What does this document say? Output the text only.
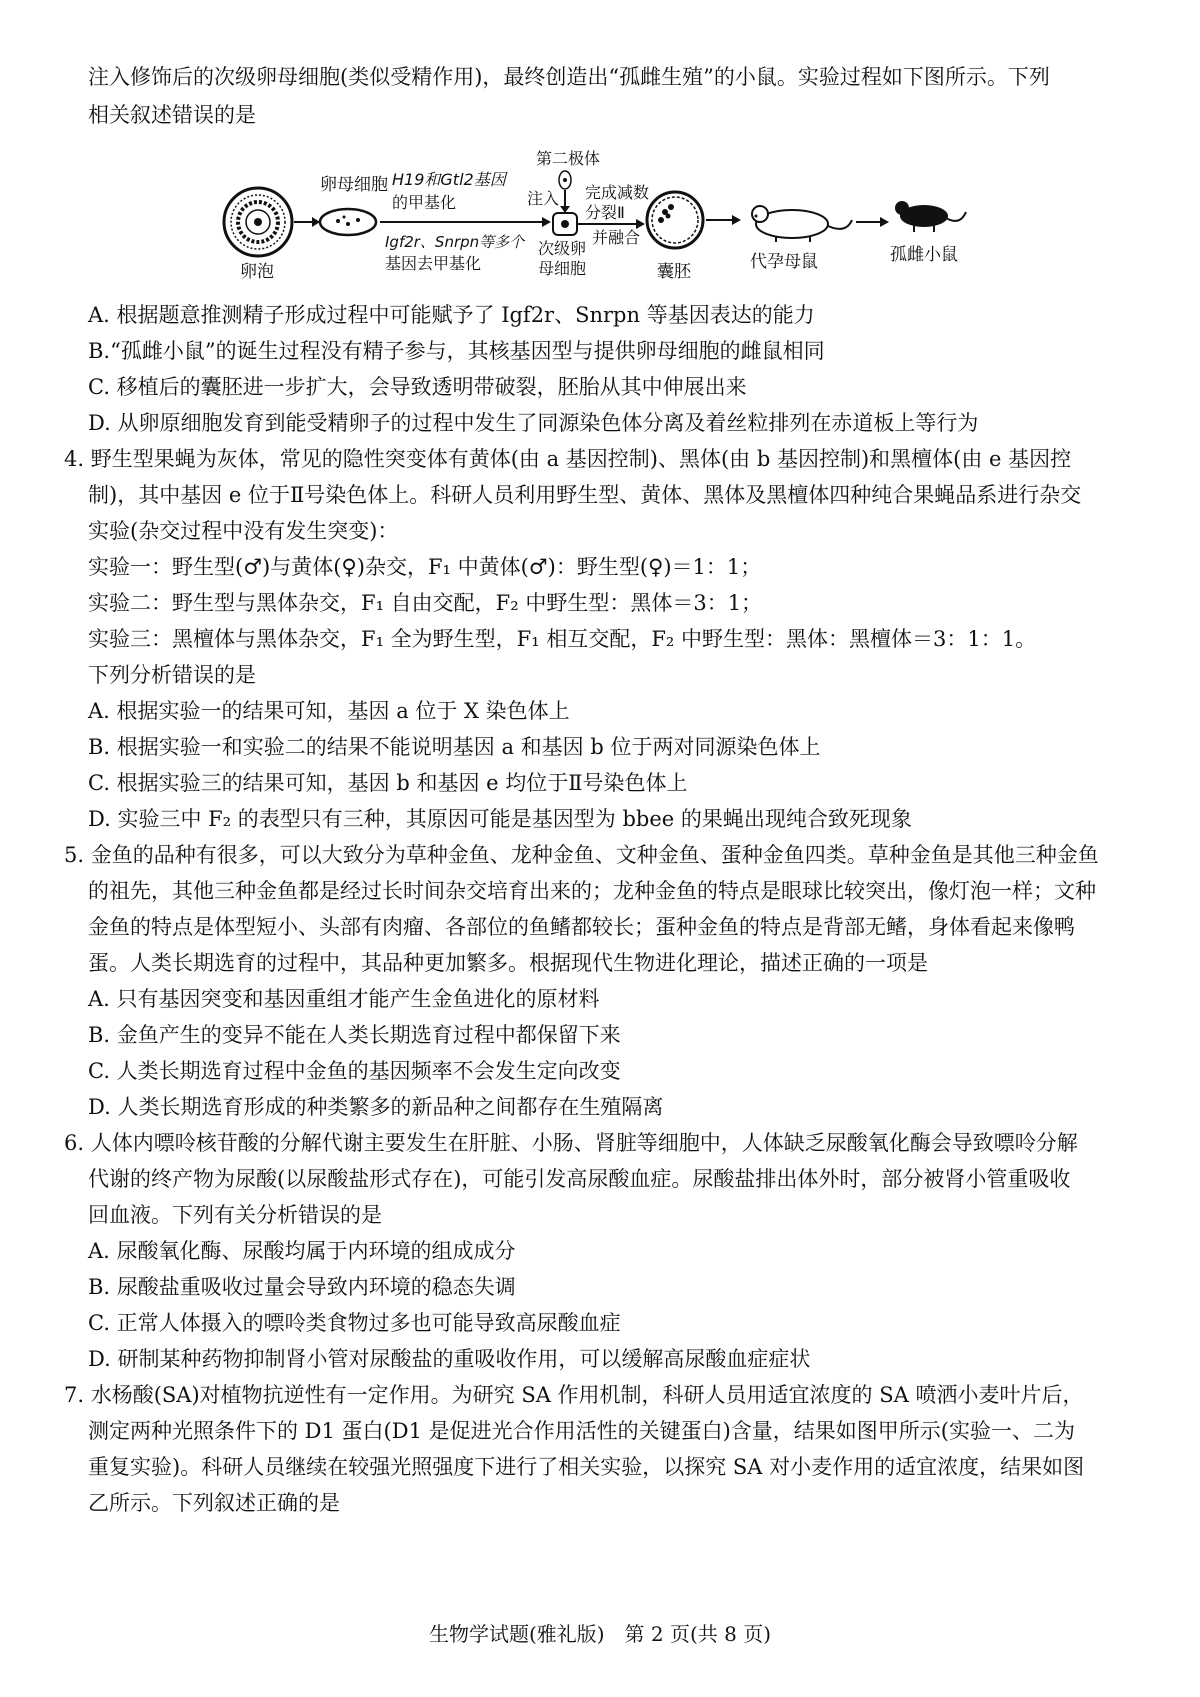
注入修饰后的次级卵母细胞(类似受精作用)，最终创造出“孤雌生殖”的小鼠。实验过程如下图所示。下列
相关叙述错误的是
卵泡
卵母细胞 H19和Gtl2基因
的甲基化
Igf2r、Snrpn等多个
基因去甲基化
第二极体
注入
次级卵
母细胞
完成减数
分裂Ⅱ
并融合
囊胚	代孕母鼠	孤雌小鼠
A. 根据题意推测精子形成过程中可能赋予了 Igf2r、Snrpn 等基因表达的能力
B.“孤雌小鼠”的诞生过程没有精子参与，其核基因型与提供卵母细胞的雌鼠相同
C. 移植后的囊胚进一步扩大，会导致透明带破裂，胚胎从其中伸展出来
D. 从卵原细胞发育到能受精卵子的过程中发生了同源染色体分离及着丝粒排列在赤道板上等行为
4. 野生型果蝇为灰体，常见的隐性突变体有黄体(由 a 基因控制)、黑体(由 b 基因控制)和黑檀体(由 e 基因控
制)，其中基因 e 位于Ⅱ号染色体上。科研人员利用野生型、黄体、黑体及黑檀体四种纯合果蝇品系进行杂交
实验(杂交过程中没有发生突变)：
实验一：野生型(♂)与黄体(♀)杂交，F₁ 中黄体(♂)：野生型(♀)＝1：1；
实验二：野生型与黑体杂交，F₁ 自由交配，F₂ 中野生型：黑体＝3：1；
实验三：黑檀体与黑体杂交，F₁ 全为野生型，F₁ 相互交配，F₂ 中野生型：黑体：黑檀体＝3：1：1。
下列分析错误的是
A. 根据实验一的结果可知，基因 a 位于 X 染色体上
B. 根据实验一和实验二的结果不能说明基因 a 和基因 b 位于两对同源染色体上
C. 根据实验三的结果可知，基因 b 和基因 e 均位于Ⅱ号染色体上
D. 实验三中 F₂ 的表型只有三种，其原因可能是基因型为 bbee 的果蝇出现纯合致死现象
5. 金鱼的品种有很多，可以大致分为草种金鱼、龙种金鱼、文种金鱼、蛋种金鱼四类。草种金鱼是其他三种金鱼
的祖先，其他三种金鱼都是经过长时间杂交培育出来的；龙种金鱼的特点是眼球比较突出，像灯泡一样；文种
金鱼的特点是体型短小、头部有肉瘤、各部位的鱼鳍都较长；蛋种金鱼的特点是背部无鳍，身体看起来像鸭
蛋。人类长期选育的过程中，其品种更加繁多。根据现代生物进化理论，描述正确的一项是
A. 只有基因突变和基因重组才能产生金鱼进化的原材料
B. 金鱼产生的变异不能在人类长期选育过程中都保留下来
C. 人类长期选育过程中金鱼的基因频率不会发生定向改变
D. 人类长期选育形成的种类繁多的新品种之间都存在生殖隔离
6. 人体内嘌呤核苷酸的分解代谢主要发生在肝脏、小肠、肾脏等细胞中，人体缺乏尿酸氧化酶会导致嘌呤分解
代谢的终产物为尿酸(以尿酸盐形式存在)，可能引发高尿酸血症。尿酸盐排出体外时，部分被肾小管重吸收
回血液。下列有关分析错误的是
A. 尿酸氧化酶、尿酸均属于内环境的组成成分
B. 尿酸盐重吸收过量会导致内环境的稳态失调
C. 正常人体摄入的嘌呤类食物过多也可能导致高尿酸血症
D. 研制某种药物抑制肾小管对尿酸盐的重吸收作用，可以缓解高尿酸血症症状
7. 水杨酸(SA)对植物抗逆性有一定作用。为研究 SA 作用机制，科研人员用适宜浓度的 SA 喷洒小麦叶片后，
测定两种光照条件下的 D1 蛋白(D1 是促进光合作用活性的关键蛋白)含量，结果如图甲所示(实验一、二为
重复实验)。科研人员继续在较强光照强度下进行了相关实验，以探究 SA 对小麦作用的适宜浓度，结果如图
乙所示。下列叙述正确的是
生物学试题(雅礼版)　第 2 页(共 8 页)
